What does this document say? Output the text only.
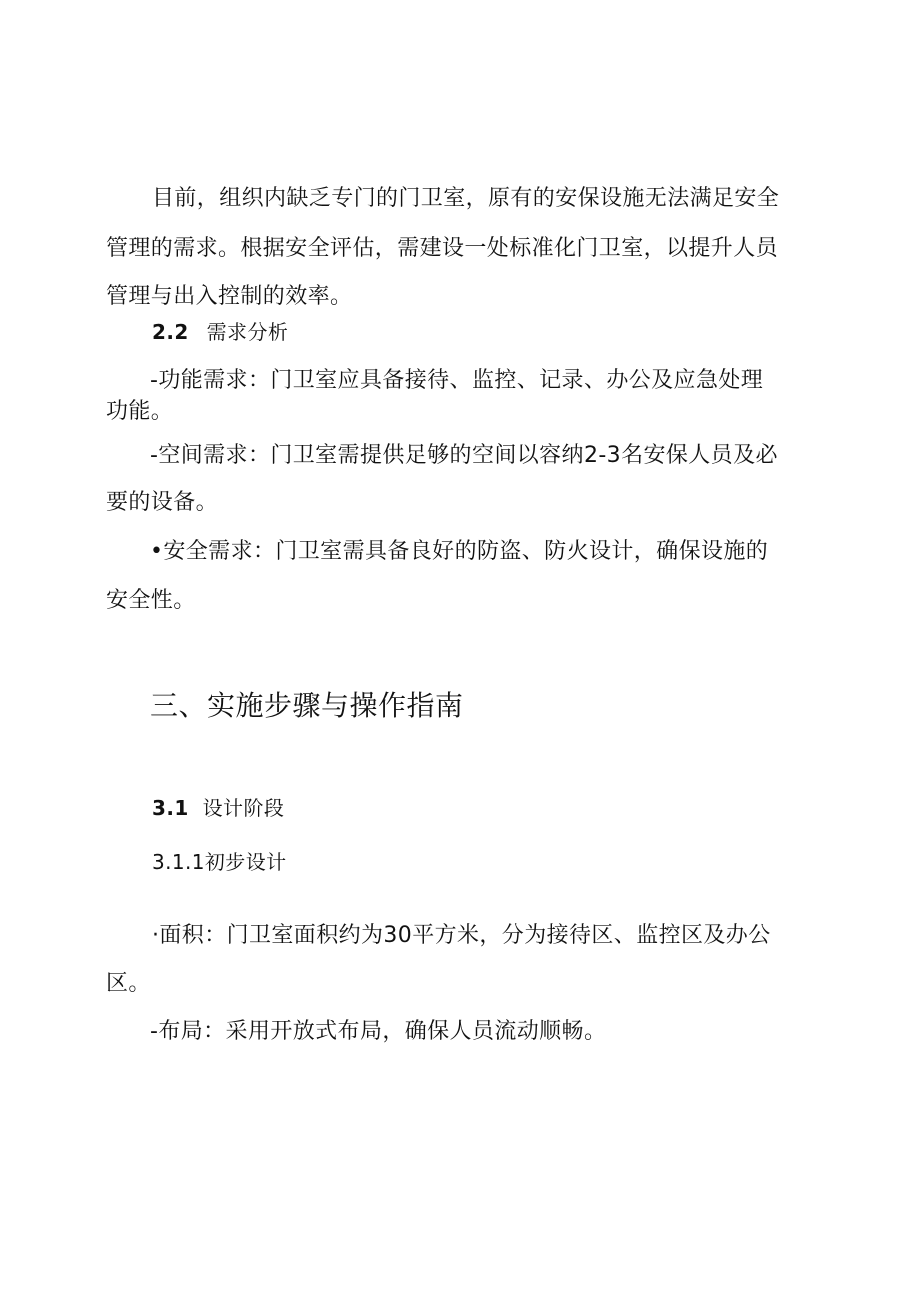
目前，组织内缺乏专门的门卫室，原有的安保设施无法满足安全
管理的需求。根据安全评估，需建设一处标准化门卫室，以提升人员
管理与出入控制的效率。
2.2 需求分析
-功能需求：门卫室应具备接待、监控、记录、办公及应急处理
功能。
-空间需求：门卫室需提供足够的空间以容纳2-3名安保人员及必
要的设备。
•安全需求：门卫室需具备良好的防盗、防火设计，确保设施的
安全性。
三、实施步骤与操作指南
3.1 设计阶段
3.1.1初步设计
·面积：门卫室面积约为30平方米，分为接待区、监控区及办公
区。
-布局：采用开放式布局，确保人员流动顺畅。
